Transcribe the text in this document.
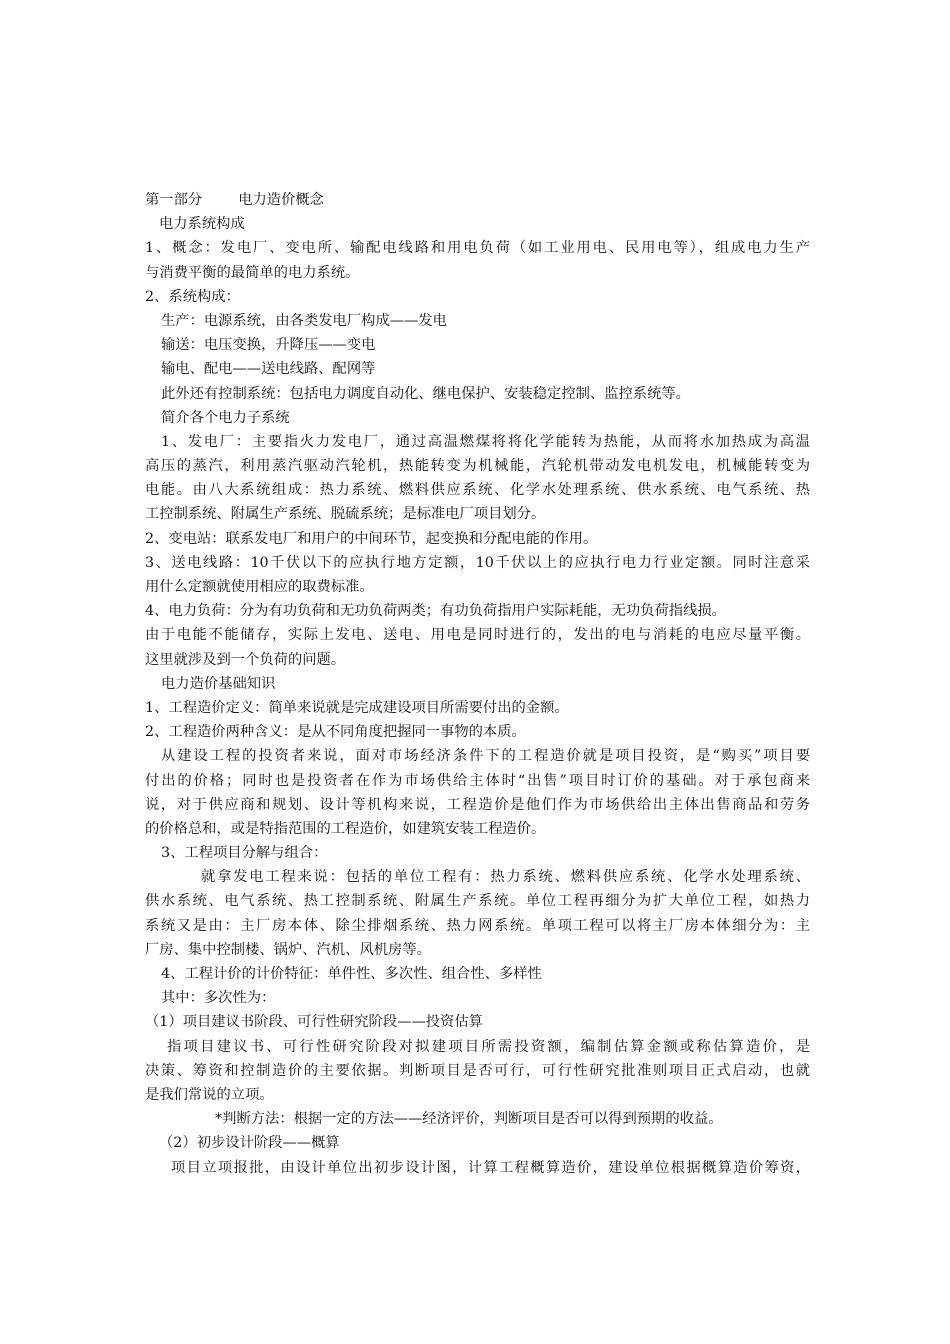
第一部分	电力造价概念
电力系统构成
1、概念：发电厂、变电所、输配电线路和用电负荷（如工业用电、民用电等），组成电力生产
与消费平衡的最简单的电力系统。
2、系统构成：
生产：电源系统，由各类发电厂构成——发电
输送：电压变换，升降压——变电
输电、配电——送电线路、配网等
此外还有控制系统：包括电力调度自动化、继电保护、安装稳定控制、监控系统等。
简介各个电力子系统
1、发电厂：主要指火力发电厂，通过高温燃煤将将化学能转为热能，从而将水加热成为高温
高压的蒸汽，利用蒸汽驱动汽轮机，热能转变为机械能，汽轮机带动发电机发电，机械能转变为
电能。由八大系统组成：热力系统、燃料供应系统、化学水处理系统、供水系统、电气系统、热
工控制系统、附属生产系统、脱硫系统；是标准电厂项目划分。
2、变电站：联系发电厂和用户的中间环节，起变换和分配电能的作用。
3、送电线路：10千伏以下的应执行地方定额，10千伏以上的应执行电力行业定额。同时注意采
用什么定额就使用相应的取费标准。
4、电力负荷：分为有功负荷和无功负荷两类；有功负荷指用户实际耗能，无功负荷指线损。
由于电能不能储存，实际上发电、送电、用电是同时进行的，发出的电与消耗的电应尽量平衡。
这里就涉及到一个负荷的问题。
电力造价基础知识
1、工程造价定义：简单来说就是完成建设项目所需要付出的金额。
2、工程造价两种含义：是从不同角度把握同一事物的本质。
从建设工程的投资者来说，面对市场经济条件下的工程造价就是项目投资，是“购买”项目要
付出的价格；同时也是投资者在作为市场供给主体时“出售”项目时订价的基础。对于承包商来
说，对于供应商和规划、设计等机构来说，工程造价是他们作为市场供给出主体出售商品和劳务
的价格总和，或是特指范围的工程造价，如建筑安装工程造价。
3、工程项目分解与组合：
就拿发电工程来说：包括的单位工程有：热力系统、燃料供应系统、化学水处理系统、
供水系统、电气系统、热工控制系统、附属生产系统。单位工程再细分为扩大单位工程，如热力
系统又是由：主厂房本体、除尘排烟系统、热力网系统。单项工程可以将主厂房本体细分为：主
厂房、集中控制楼、锅炉、汽机、风机房等。
4、工程计价的计价特征：单件性、多次性、组合性、多样性
其中：多次性为：
（1）项目建议书阶段、可行性研究阶段——投资估算
指项目建议书、可行性研究阶段对拟建项目所需投资额，编制估算金额或称估算造价，是
决策、筹资和控制造价的主要依据。判断项目是否可行，可行性研究批准则项目正式启动，也就
是我们常说的立项。
*判断方法：根据一定的方法——经济评价，判断项目是否可以得到预期的收益。
（2）初步设计阶段——概算
项目立项报批，由设计单位出初步设计图，计算工程概算造价，建设单位根据概算造价筹资，
